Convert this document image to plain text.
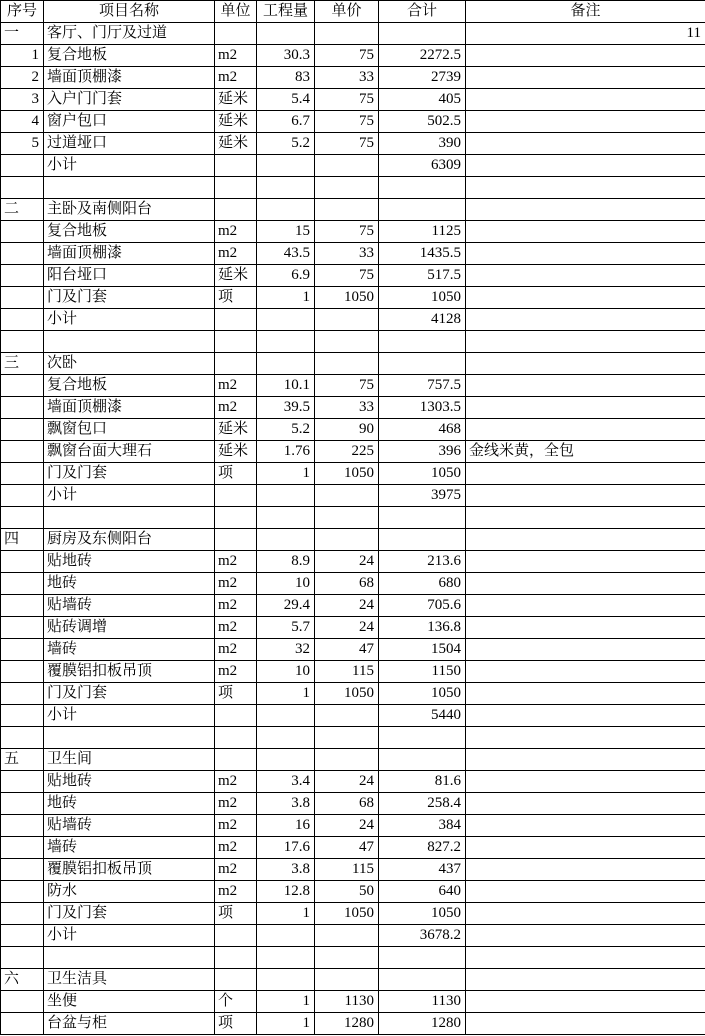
序号	项目名称	单位	工程量	单价	合计	备注
一	客厅、门厅及过道					11
1	复合地板	m2	30.3	75	2272.5	
2	墙面顶棚漆	m2	83	33	2739	
3	入户门门套	延米	5.4	75	405	
4	窗户包口	延米	6.7	75	502.5	
5	过道垭口	延米	5.2	75	390	
	小计				6309	

二	主卧及南侧阳台					
	复合地板	m2	15	75	1125	
	墙面顶棚漆	m2	43.5	33	1435.5	
	阳台垭口	延米	6.9	75	517.5	
	门及门套	项	1	1050	1050	
	小计				4128	

三	次卧					
	复合地板	m2	10.1	75	757.5	
	墙面顶棚漆	m2	39.5	33	1303.5	
	飘窗包口	延米	5.2	90	468	
	飘窗台面大理石	延米	1.76	225	396	金线米黄，全包
	门及门套	项	1	1050	1050	
	小计				3975	

四	厨房及东侧阳台					
	贴地砖	m2	8.9	24	213.6	
	地砖	m2	10	68	680	
	贴墙砖	m2	29.4	24	705.6	
	贴砖调增	m2	5.7	24	136.8	
	墙砖	m2	32	47	1504	
	覆膜铝扣板吊顶	m2	10	115	1150	
	门及门套	项	1	1050	1050	
	小计				5440	

五	卫生间					
	贴地砖	m2	3.4	24	81.6	
	地砖	m2	3.8	68	258.4	
	贴墙砖	m2	16	24	384	
	墙砖	m2	17.6	47	827.2	
	覆膜铝扣板吊顶	m2	3.8	115	437	
	防水	m2	12.8	50	640	
	门及门套	项	1	1050	1050	
	小计				3678.2	

六	卫生洁具					
	坐便	个	1	1130	1130	
	台盆与柜	项	1	1280	1280	
